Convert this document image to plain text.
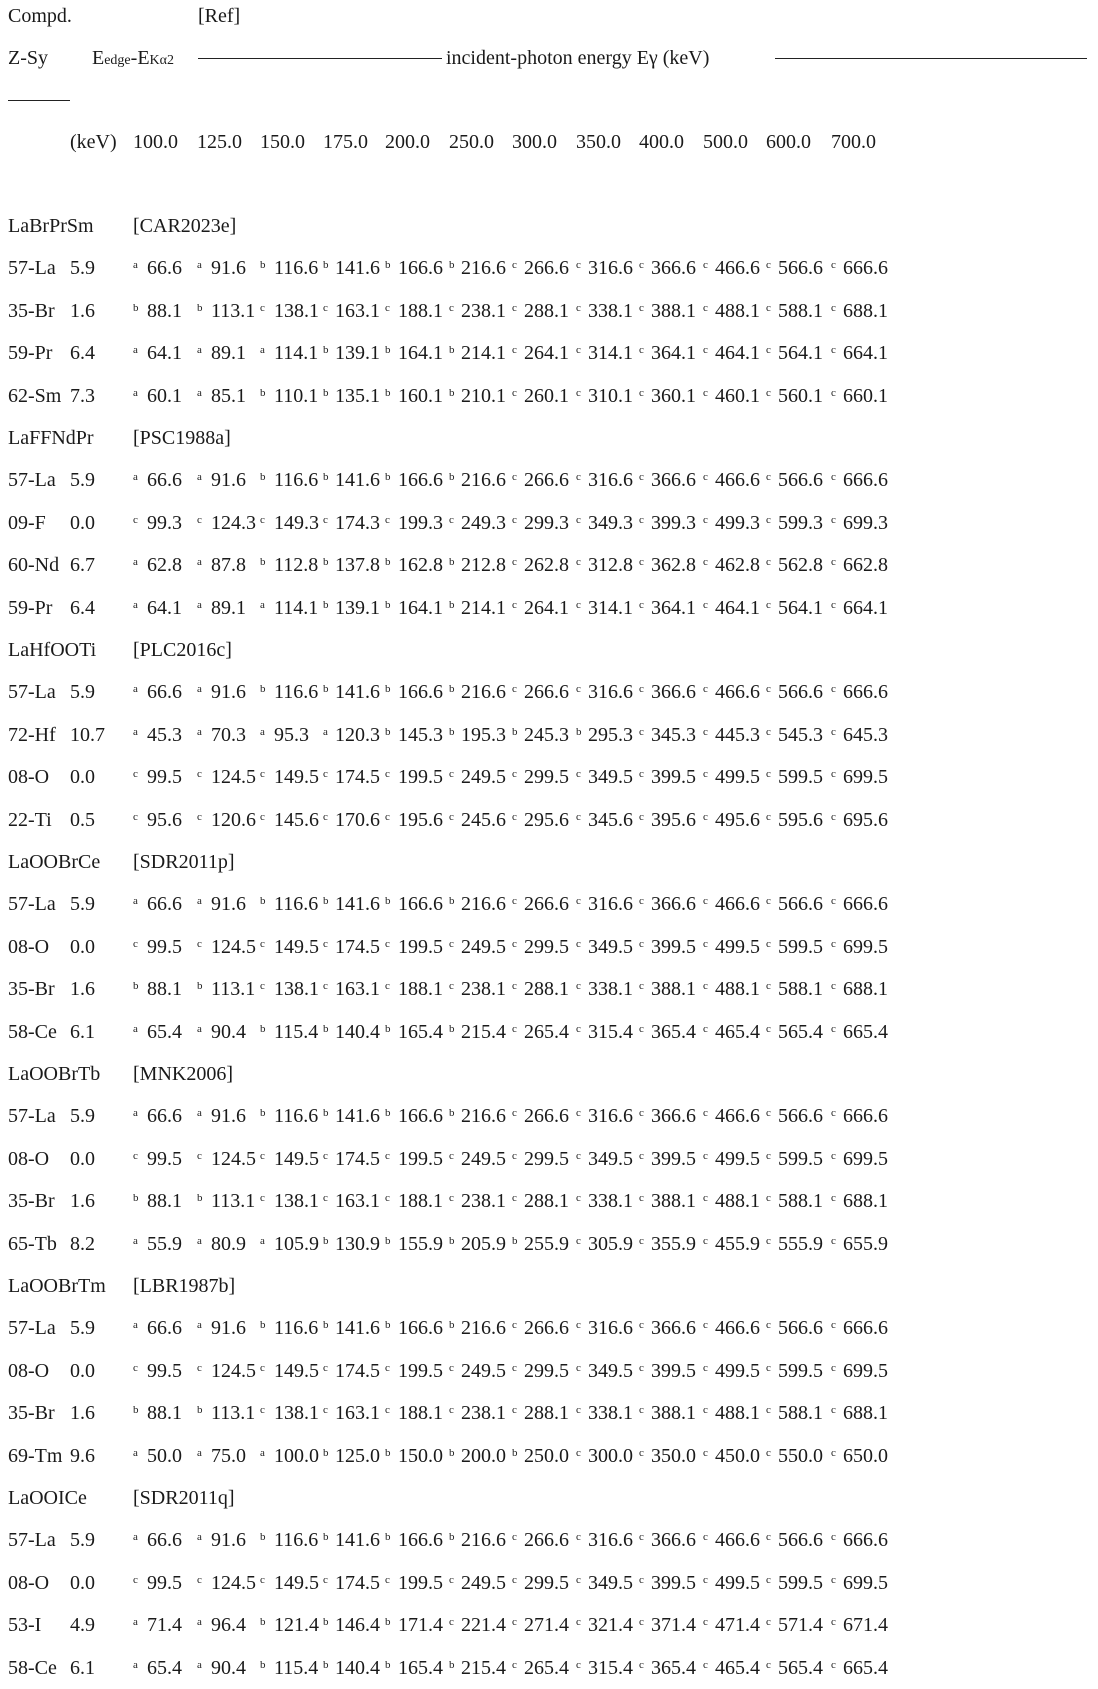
Compd.	[Ref]
Z-Sy Eedge-EKα2	incident-photon energy Eγ (keV)
(keV) 100.0 125.0 150.0 175.0 200.0 250.0 300.0 350.0 400.0 500.0 600.0 700.0
LaBrPrSm [CAR2023e]
57-La 5.9	$^a$ 66.6 $^a$ 91.6 $^b$ 116.6 $^b$ 141.6 $^b$ 166.6 $^b$ 216.6 $^c$ 266.6 $^c$ 316.6 $^c$ 366.6 $^c$ 466.6 $^c$ 566.6 $^c$ 666.6
35-Br 1.6	$^b$ 88.1 $^b$ 113.1 $^c$ 138.1 $^c$ 163.1 $^c$ 188.1 $^c$ 238.1 $^c$ 288.1 $^c$ 338.1 $^c$ 388.1 $^c$ 488.1 $^c$ 588.1 $^c$ 688.1
59-Pr 6.4	$^a$ 64.1 $^a$ 89.1 $^a$ 114.1 $^b$ 139.1 $^b$ 164.1 $^b$ 214.1 $^c$ 264.1 $^c$ 314.1 $^c$ 364.1 $^c$ 464.1 $^c$ 564.1 $^c$ 664.1
62-Sm 7.3	$^a$ 60.1 $^a$ 85.1 $^b$ 110.1 $^b$ 135.1 $^b$ 160.1 $^b$ 210.1 $^c$ 260.1 $^c$ 310.1 $^c$ 360.1 $^c$ 460.1 $^c$ 560.1 $^c$ 660.1
LaFFNdPr [PSC1988a]
57-La 5.9	$^a$ 66.6 $^a$ 91.6 $^b$ 116.6 $^b$ 141.6 $^b$ 166.6 $^b$ 216.6 $^c$ 266.6 $^c$ 316.6 $^c$ 366.6 $^c$ 466.6 $^c$ 566.6 $^c$ 666.6
09-F 0.0	$^c$ 99.3 $^c$ 124.3 $^c$ 149.3 $^c$ 174.3 $^c$ 199.3 $^c$ 249.3 $^c$ 299.3 $^c$ 349.3 $^c$ 399.3 $^c$ 499.3 $^c$ 599.3 $^c$ 699.3
60-Nd 6.7	$^a$ 62.8 $^a$ 87.8 $^b$ 112.8 $^b$ 137.8 $^b$ 162.8 $^b$ 212.8 $^c$ 262.8 $^c$ 312.8 $^c$ 362.8 $^c$ 462.8 $^c$ 562.8 $^c$ 662.8
59-Pr 6.4	$^a$ 64.1 $^a$ 89.1 $^a$ 114.1 $^b$ 139.1 $^b$ 164.1 $^b$ 214.1 $^c$ 264.1 $^c$ 314.1 $^c$ 364.1 $^c$ 464.1 $^c$ 564.1 $^c$ 664.1
LaHfOOTi [PLC2016c]
57-La 5.9	$^a$ 66.6 $^a$ 91.6 $^b$ 116.6 $^b$ 141.6 $^b$ 166.6 $^b$ 216.6 $^c$ 266.6 $^c$ 316.6 $^c$ 366.6 $^c$ 466.6 $^c$ 566.6 $^c$ 666.6
72-Hf 10.7	$^a$ 45.3 $^a$ 70.3 $^a$ 95.3 $^a$ 120.3 $^b$ 145.3 $^b$ 195.3 $^b$ 245.3 $^b$ 295.3 $^c$ 345.3 $^c$ 445.3 $^c$ 545.3 $^c$ 645.3
08-O 0.0	$^c$ 99.5 $^c$ 124.5 $^c$ 149.5 $^c$ 174.5 $^c$ 199.5 $^c$ 249.5 $^c$ 299.5 $^c$ 349.5 $^c$ 399.5 $^c$ 499.5 $^c$ 599.5 $^c$ 699.5
22-Ti 0.5	$^c$ 95.6 $^c$ 120.6 $^c$ 145.6 $^c$ 170.6 $^c$ 195.6 $^c$ 245.6 $^c$ 295.6 $^c$ 345.6 $^c$ 395.6 $^c$ 495.6 $^c$ 595.6 $^c$ 695.6
LaOOBrCe [SDR2011p]
57-La 5.9	$^a$ 66.6 $^a$ 91.6 $^b$ 116.6 $^b$ 141.6 $^b$ 166.6 $^b$ 216.6 $^c$ 266.6 $^c$ 316.6 $^c$ 366.6 $^c$ 466.6 $^c$ 566.6 $^c$ 666.6
08-O 0.0	$^c$ 99.5 $^c$ 124.5 $^c$ 149.5 $^c$ 174.5 $^c$ 199.5 $^c$ 249.5 $^c$ 299.5 $^c$ 349.5 $^c$ 399.5 $^c$ 499.5 $^c$ 599.5 $^c$ 699.5
35-Br 1.6	$^b$ 88.1 $^b$ 113.1 $^c$ 138.1 $^c$ 163.1 $^c$ 188.1 $^c$ 238.1 $^c$ 288.1 $^c$ 338.1 $^c$ 388.1 $^c$ 488.1 $^c$ 588.1 $^c$ 688.1
58-Ce 6.1	$^a$ 65.4 $^a$ 90.4 $^b$ 115.4 $^b$ 140.4 $^b$ 165.4 $^b$ 215.4 $^c$ 265.4 $^c$ 315.4 $^c$ 365.4 $^c$ 465.4 $^c$ 565.4 $^c$ 665.4
LaOOBrTb [MNK2006]
57-La 5.9	$^a$ 66.6 $^a$ 91.6 $^b$ 116.6 $^b$ 141.6 $^b$ 166.6 $^b$ 216.6 $^c$ 266.6 $^c$ 316.6 $^c$ 366.6 $^c$ 466.6 $^c$ 566.6 $^c$ 666.6
08-O 0.0	$^c$ 99.5 $^c$ 124.5 $^c$ 149.5 $^c$ 174.5 $^c$ 199.5 $^c$ 249.5 $^c$ 299.5 $^c$ 349.5 $^c$ 399.5 $^c$ 499.5 $^c$ 599.5 $^c$ 699.5
35-Br 1.6	$^b$ 88.1 $^b$ 113.1 $^c$ 138.1 $^c$ 163.1 $^c$ 188.1 $^c$ 238.1 $^c$ 288.1 $^c$ 338.1 $^c$ 388.1 $^c$ 488.1 $^c$ 588.1 $^c$ 688.1
65-Tb 8.2	$^a$ 55.9 $^a$ 80.9 $^a$ 105.9 $^b$ 130.9 $^b$ 155.9 $^b$ 205.9 $^b$ 255.9 $^c$ 305.9 $^c$ 355.9 $^c$ 455.9 $^c$ 555.9 $^c$ 655.9
LaOOBrTm [LBR1987b]
57-La 5.9	$^a$ 66.6 $^a$ 91.6 $^b$ 116.6 $^b$ 141.6 $^b$ 166.6 $^b$ 216.6 $^c$ 266.6 $^c$ 316.6 $^c$ 366.6 $^c$ 466.6 $^c$ 566.6 $^c$ 666.6
08-O 0.0	$^c$ 99.5 $^c$ 124.5 $^c$ 149.5 $^c$ 174.5 $^c$ 199.5 $^c$ 249.5 $^c$ 299.5 $^c$ 349.5 $^c$ 399.5 $^c$ 499.5 $^c$ 599.5 $^c$ 699.5
35-Br 1.6	$^b$ 88.1 $^b$ 113.1 $^c$ 138.1 $^c$ 163.1 $^c$ 188.1 $^c$ 238.1 $^c$ 288.1 $^c$ 338.1 $^c$ 388.1 $^c$ 488.1 $^c$ 588.1 $^c$ 688.1
69-Tm 9.6	$^a$ 50.0 $^a$ 75.0 $^a$ 100.0 $^b$ 125.0 $^b$ 150.0 $^b$ 200.0 $^b$ 250.0 $^c$ 300.0 $^c$ 350.0 $^c$ 450.0 $^c$ 550.0 $^c$ 650.0
LaOOICe [SDR2011q]
57-La 5.9	$^a$ 66.6 $^a$ 91.6 $^b$ 116.6 $^b$ 141.6 $^b$ 166.6 $^b$ 216.6 $^c$ 266.6 $^c$ 316.6 $^c$ 366.6 $^c$ 466.6 $^c$ 566.6 $^c$ 666.6
08-O 0.0	$^c$ 99.5 $^c$ 124.5 $^c$ 149.5 $^c$ 174.5 $^c$ 199.5 $^c$ 249.5 $^c$ 299.5 $^c$ 349.5 $^c$ 399.5 $^c$ 499.5 $^c$ 599.5 $^c$ 699.5
53-I 4.9	$^a$ 71.4 $^a$ 96.4 $^b$ 121.4 $^b$ 146.4 $^b$ 171.4 $^c$ 221.4 $^c$ 271.4 $^c$ 321.4 $^c$ 371.4 $^c$ 471.4 $^c$ 571.4 $^c$ 671.4
58-Ce 6.1	$^a$ 65.4 $^a$ 90.4 $^b$ 115.4 $^b$ 140.4 $^b$ 165.4 $^b$ 215.4 $^c$ 265.4 $^c$ 315.4 $^c$ 365.4 $^c$ 465.4 $^c$ 565.4 $^c$ 665.4
